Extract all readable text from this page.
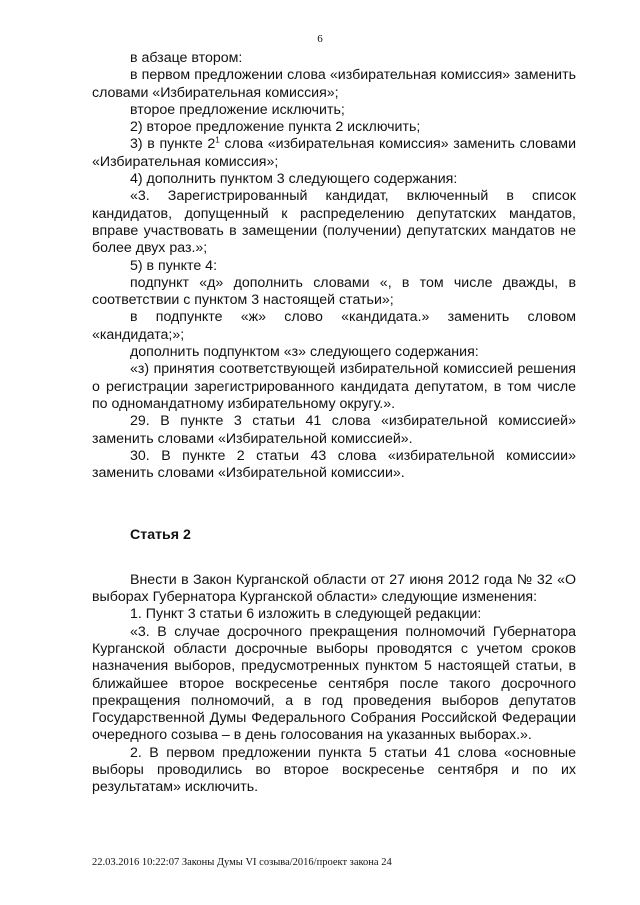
6

в абзаце втором:

в первом предложении слова «избирательная комиссия» заменить словами «Избирательная комиссия»;

второе предложение исключить;

2) второе предложение пункта 2 исключить;

3) в пункте $2^1$ слова «избирательная комиссия» заменить словами «Избирательная комиссия»;

4) дополнить пунктом 3 следующего содержания:

«3. Зарегистрированный кандидат, включенный в список кандидатов, допущенный к распределению депутатских мандатов, вправе участвовать в замещении (получении) депутатских мандатов не более двух раз.»;

5) в пункте 4:

подпункт «д» дополнить словами «, в том числе дважды, в соответствии с пунктом 3 настоящей статьи»;

в подпункте «ж» слово «кандидата.» заменить словом «кандидата;»;

дополнить подпунктом «з» следующего содержания:

«з) принятия соответствующей избирательной комиссией решения о регистрации зарегистрированного кандидата депутатом, в том числе по одномандатному избирательному округу.».

29. В пункте 3 статьи 41 слова «избирательной комиссией» заменить словами «Избирательной комиссией».

30. В пункте 2 статьи 43 слова «избирательной комиссии» заменить словами «Избирательной комиссии».

Статья 2

Внести в Закон Курганской области от 27 июня 2012 года № 32 «О выборах Губернатора Курганской области» следующие изменения:

1. Пункт 3 статьи 6 изложить в следующей редакции:

«3. В случае досрочного прекращения полномочий Губернатора Курганской области досрочные выборы проводятся с учетом сроков назначения выборов, предусмотренных пунктом 5 настоящей статьи, в ближайшее второе воскресенье сентября после такого досрочного прекращения полномочий, а в год проведения выборов депутатов Государственной Думы Федерального Собрания Российской Федерации очередного созыва – в день голосования на указанных выборах.».

2. В первом предложении пункта 5 статьи 41 слова «основные выборы проводились во второе воскресенье сентября и по их результатам» исключить.

22.03.2016 10:22:07 Законы Думы VI созыва/2016/проект закона 24
